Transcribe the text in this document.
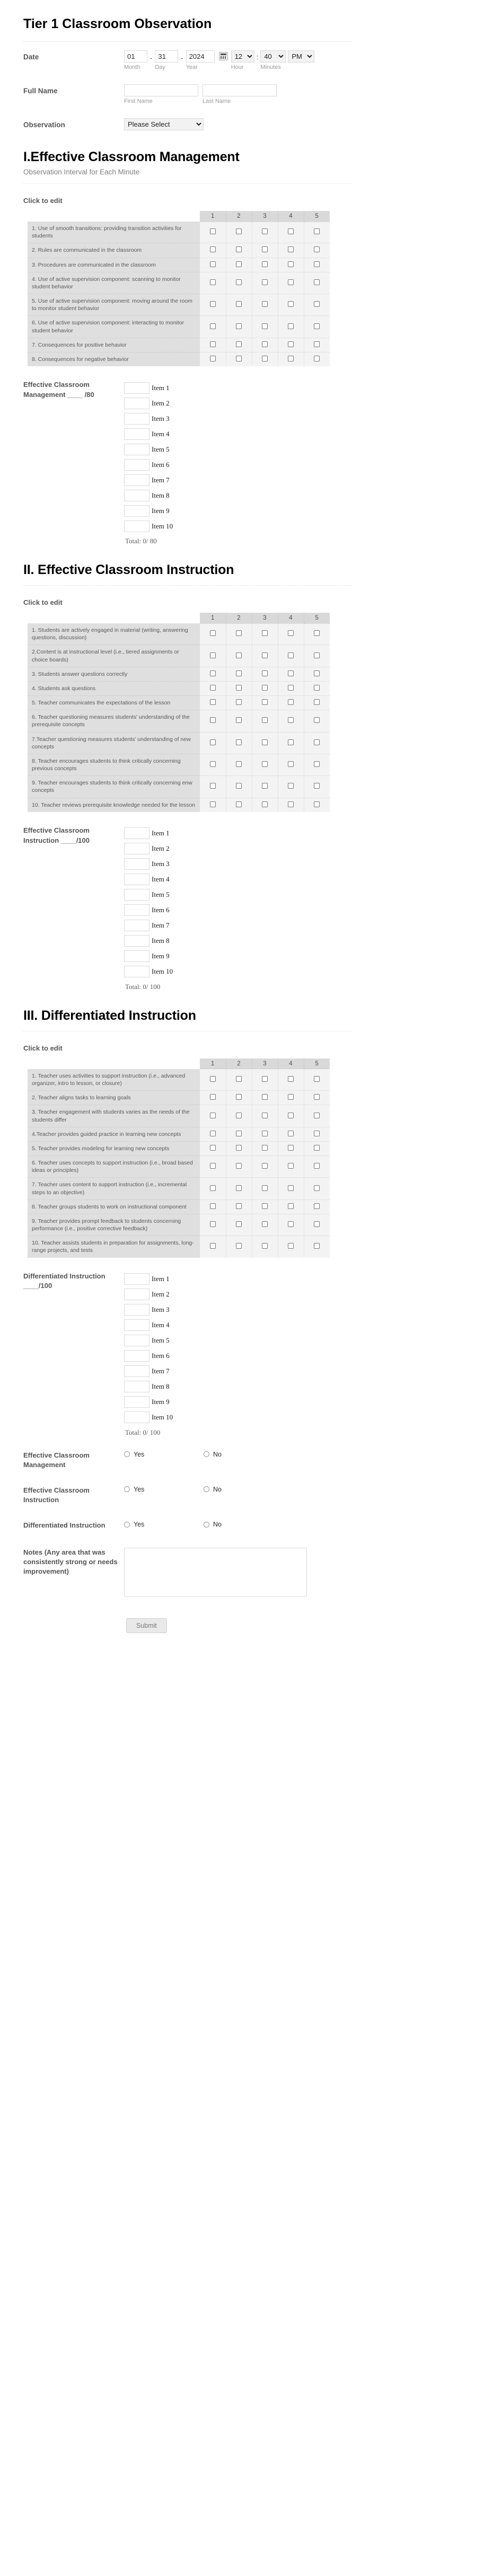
Tier 1 Classroom Observation
Date
01
Month
-
31
Day
-
2024
Year
12	Hour
:
40
Minutes
PM
Full Name
First Name	Last Name
Observation
Please Select
I.Effective Classroom Management
Observation Interval for Each Minute
Click to edit
	1	2	3	4	5
1. Use of smooth transitions: providing transition activities for students					
2. Rules are communicated in the classroom					
3. Procedures are communicated in the classroom					
4. Use of active supervision component: scanning to monitor student behavior					
5. Use of active supervision component: moving around the room to monitor student behavior					
6. Use of active supervision component: interacting to monitor student behavior					
7. Consequences for positive behavior					
8. Consequences for negative behavior					
Effective Classroom Management ____ /80
Item 1
Item 2
Item 3
Item 4
Item 5
Item 6
Item 7
Item 8
Item 9
Item 10
Total: 0/ 80
II. Effective Classroom Instruction
Click to edit
	1	2	3	4	5
1. Students are actively engaged in material (writing, answering questions, discussion)					
2.Content is at instructional level (i.e., tiered assignments or choice boards)					
3. Students answer questions correctly					
4. Students ask questions					
5. Teacher communicates the expectations of the lesson					
6. Teacher questioning measures students' understanding of the prerequisite concepts					
7.Teacher questioning measures students' understanding of new concepts					
8. Teacher encourages students to think critically concerning previous concepts					
9. Teacher encourages students to think critically concerning enw concepts					
10. Teacher reviews prerequisite knowledge needed for the lesson					
Effective Classroom Instruction ____/100
Item 1
Item 2
Item 3
Item 4
Item 5
Item 6
Item 7
Item 8
Item 9
Item 10
Total: 0/ 100
III. Differentiated Instruction
Click to edit
	1	2	3	4	5
1. Teacher uses activities to support instruction (i.e., advanced organizer, intro to lesson, or closure)					
2. Teacher aligns tasks to learning goals					
3. Teacher engagement with students varies as the needs of the students differ					
4.Teacher provides guided practice in learning new concepts					
5. Teacher provides modeling for learning new concepts					
6. Teacher uses concepts to support instruction (i.e., broad based ideas or principles)					
7. Teacher uses content to support instruction (i.e., incremental steps to an objective)					
8. Teacher groups students to work on instructional component					
9. Teacher provides prompt feedback to students concerning performance (i.e., positive corrective feedback)					
10. Teacher assists students in preparation for assignments, long-range projects, and tests					
Differentiated Instruction ____/100
Item 1
Item 2
Item 3
Item 4
Item 5
Item 6
Item 7
Item 8
Item 9
Item 10
Total: 0/ 100
Effective Classroom Management
Yes	No
Effective Classroom Instruction
Yes	No
Differentiated Instruction	Yes	No
Notes (Any area that was consistently strong or needs improvement)
Submit
